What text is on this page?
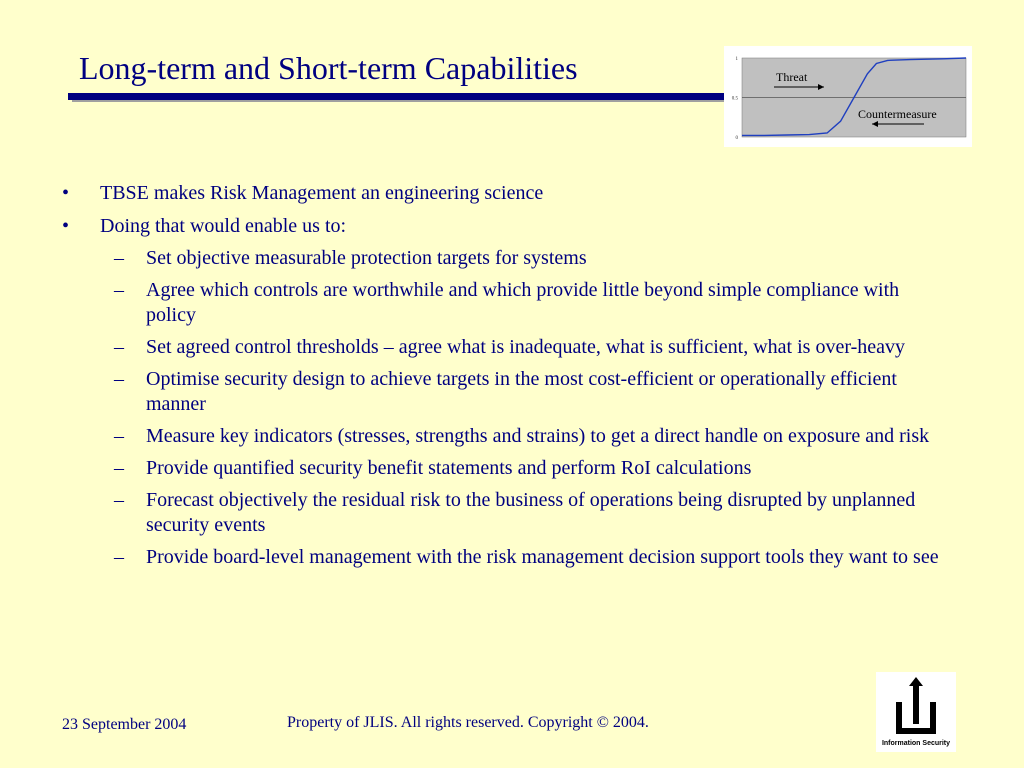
Long-term and Short-term Capabilities	1
0.5
0
Threat
Countermeasure
•	TBSE makes Risk Management an engineering science
•	Doing that would enable us to:
– Set objective measurable protection targets for systems
– Agree which controls are worthwhile and which provide little beyond simple compliance with policy
– Set agreed control thresholds – agree what is inadequate, what is sufficient, what is over-heavy
– Optimise security design to achieve targets in the most cost-efficient or operationally efficient manner
– Measure key indicators (stresses, strengths and strains) to get a direct handle on exposure and risk
– Provide quantified security benefit statements and perform RoI calculations
– Forecast objectively the residual risk to the business of operations being disrupted by unplanned security events
– Provide board-level management with the risk management decision support tools they want to see
23 September 2004	Property of JLIS. All rights reserved. Copyright © 2004.
Information Security
